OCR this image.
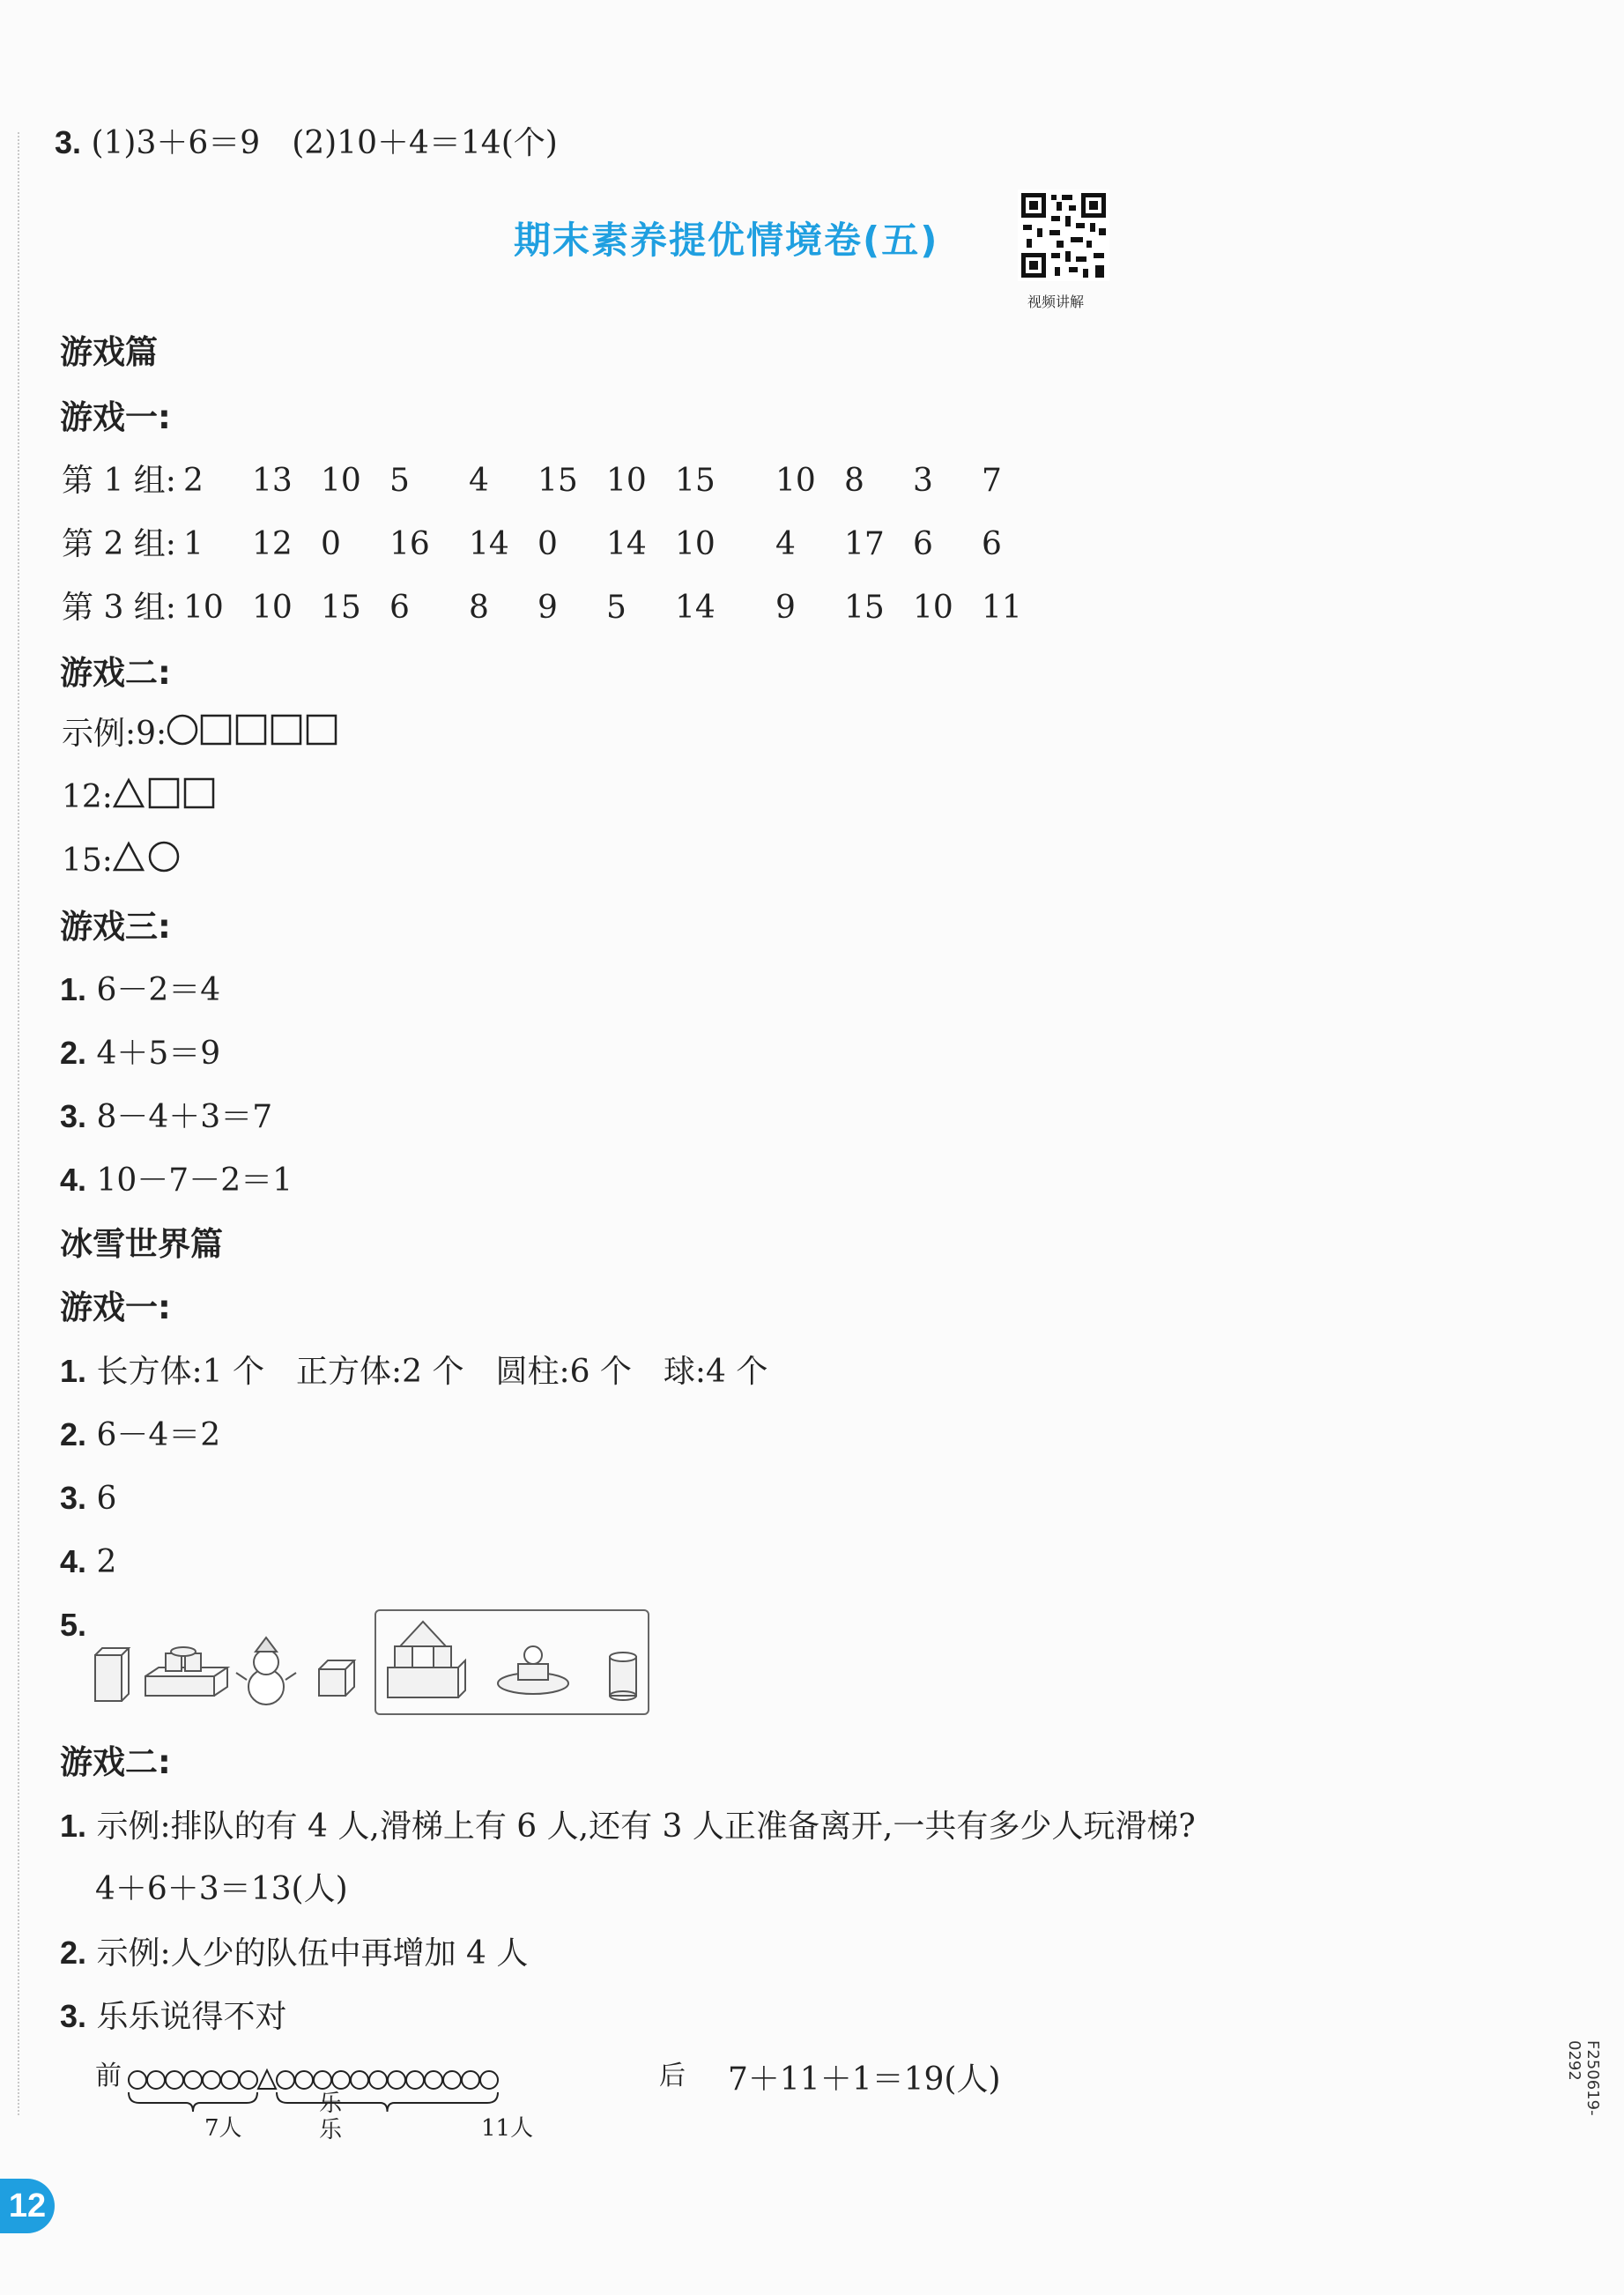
3. (1)3＋6＝9　(2)10＋4＝14(个)
期末素养提优情境卷(五)
视频讲解
游戏篇
游戏一:
第 1 组: 2 13 10 5 4 15 10 15 10 8 3 7
第 2 组: 1 12 0 16 14 0 14 10 4 17 6 6
第 3 组: 10 10 15 6 8 9 5 14 9 15 10 11
游戏二:
示例:9:
12:
15:
游戏三:
1. 6－2＝4
2. 4＋5＝9
3. 8－4＋3＝7
4. 10－7－2＝1
冰雪世界篇
游戏一:
1. 长方体:1 个　正方体:2 个　圆柱:6 个　球:4 个
2. 6－4＝2
3. 6
4. 2
5.
游戏二:
1. 示例:排队的有 4 人,滑梯上有 6 人,还有 3 人正准备离开,一共有多少人玩滑梯?
4＋6＋3＝13(人)
2. 示例:人少的队伍中再增加 4 人
3. 乐乐说得不对
前	后
7人
乐
乐	11人
7＋11＋1＝19(人)
12
F250619-0292
